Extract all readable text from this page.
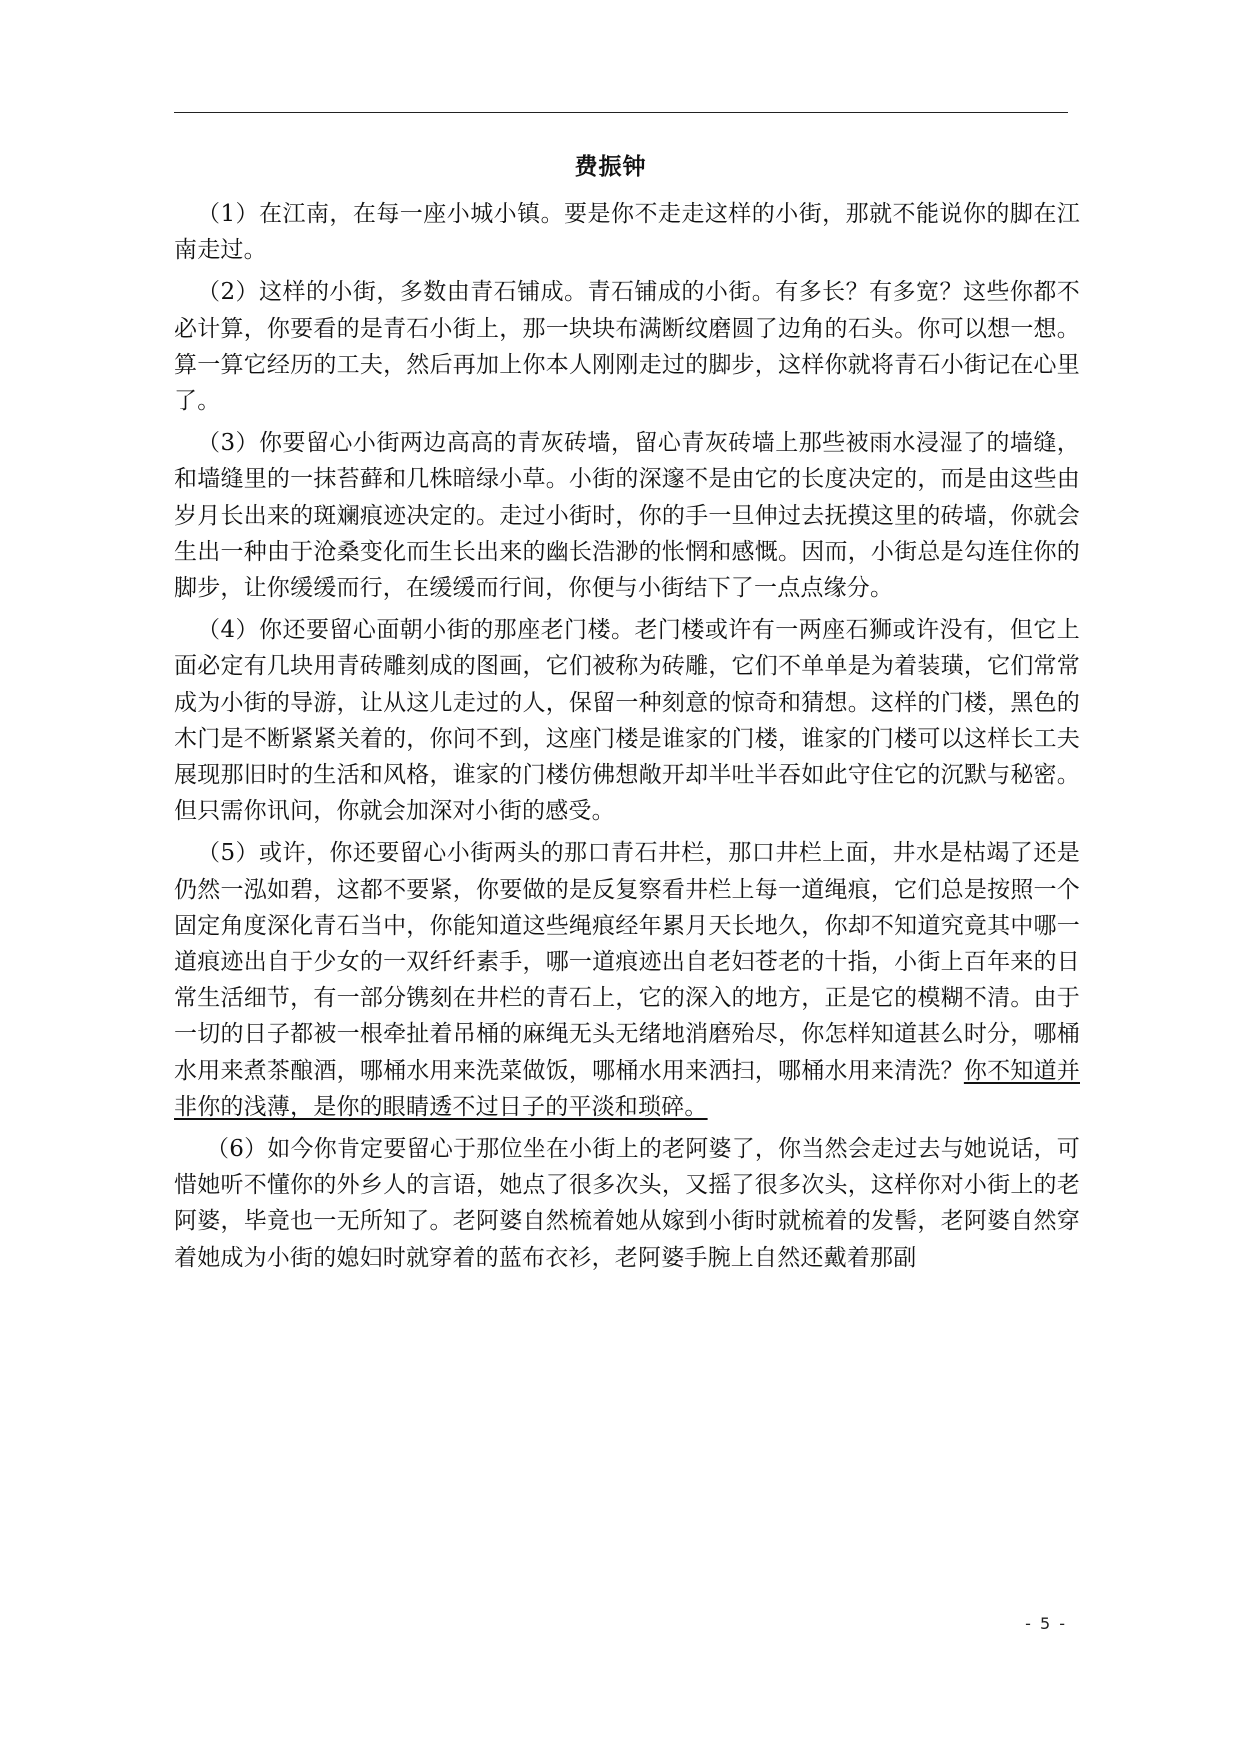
费振钟

（1）在江南，在每一座小城小镇。要是你不走走这样的小街，那就不能说你的脚在江南走过。

（2）这样的小街，多数由青石铺成。青石铺成的小街。有多长？有多宽？这些你都不必计算，你要看的是青石小街上，那一块块布满断纹磨圆了边角的石头。你可以想一想。算一算它经历的工夫，然后再加上你本人刚刚走过的脚步，这样你就将青石小街记在心里了。

（3）你要留心小街两边高高的青灰砖墙，留心青灰砖墙上那些被雨水浸湿了的墙缝，和墙缝里的一抹苔藓和几株暗绿小草。小街的深邃不是由它的长度决定的，而是由这些由岁月长出来的斑斓痕迹决定的。走过小街时，你的手一旦伸过去抚摸这里的砖墙，你就会生出一种由于沧桑变化而生长出来的幽长浩渺的怅惘和感慨。因而，小街总是勾连住你的脚步，让你缓缓而行，在缓缓而行间，你便与小街结下了一点点缘分。

（4）你还要留心面朝小街的那座老门楼。老门楼或许有一两座石狮或许没有，但它上面必定有几块用青砖雕刻成的图画，它们被称为砖雕，它们不单单是为着装璜，它们常常成为小街的导游，让从这儿走过的人，保留一种刻意的惊奇和猜想。这样的门楼，黑色的木门是不断紧紧关着的，你问不到，这座门楼是谁家的门楼，谁家的门楼可以这样长工夫展现那旧时的生活和风格，谁家的门楼仿佛想敞开却半吐半吞如此守住它的沉默与秘密。但只需你讯问，你就会加深对小街的感受。

（5）或许，你还要留心小街两头的那口青石井栏，那口井栏上面，井水是枯竭了还是仍然一泓如碧，这都不要紧，你要做的是反复察看井栏上每一道绳痕，它们总是按照一个固定角度深化青石当中，你能知道这些绳痕经年累月天长地久，你却不知道究竟其中哪一道痕迹出自于少女的一双纤纤素手，哪一道痕迹出自老妇苍老的十指，小街上百年来的日常生活细节，有一部分镌刻在井栏的青石上，它的深入的地方，正是它的模糊不清。由于一切的日子都被一根牵扯着吊桶的麻绳无头无绪地消磨殆尽，你怎样知道甚么时分，哪桶水用来煮茶酿酒，哪桶水用来洗菜做饭，哪桶水用来洒扫，哪桶水用来清洗？你不知道并非你的浅薄，是你的眼睛透不过日子的平淡和琐碎。

（6）如今你肯定要留心于那位坐在小街上的老阿婆了，你当然会走过去与她说话，可惜她听不懂你的外乡人的言语，她点了很多次头，又摇了很多次头，这样你对小街上的老阿婆，毕竟也一无所知了。老阿婆自然梳着她从嫁到小街时就梳着的发髻，老阿婆自然穿着她成为小街的媳妇时就穿着的蓝布衣衫，老阿婆手腕上自然还戴着那副

- 5 -
